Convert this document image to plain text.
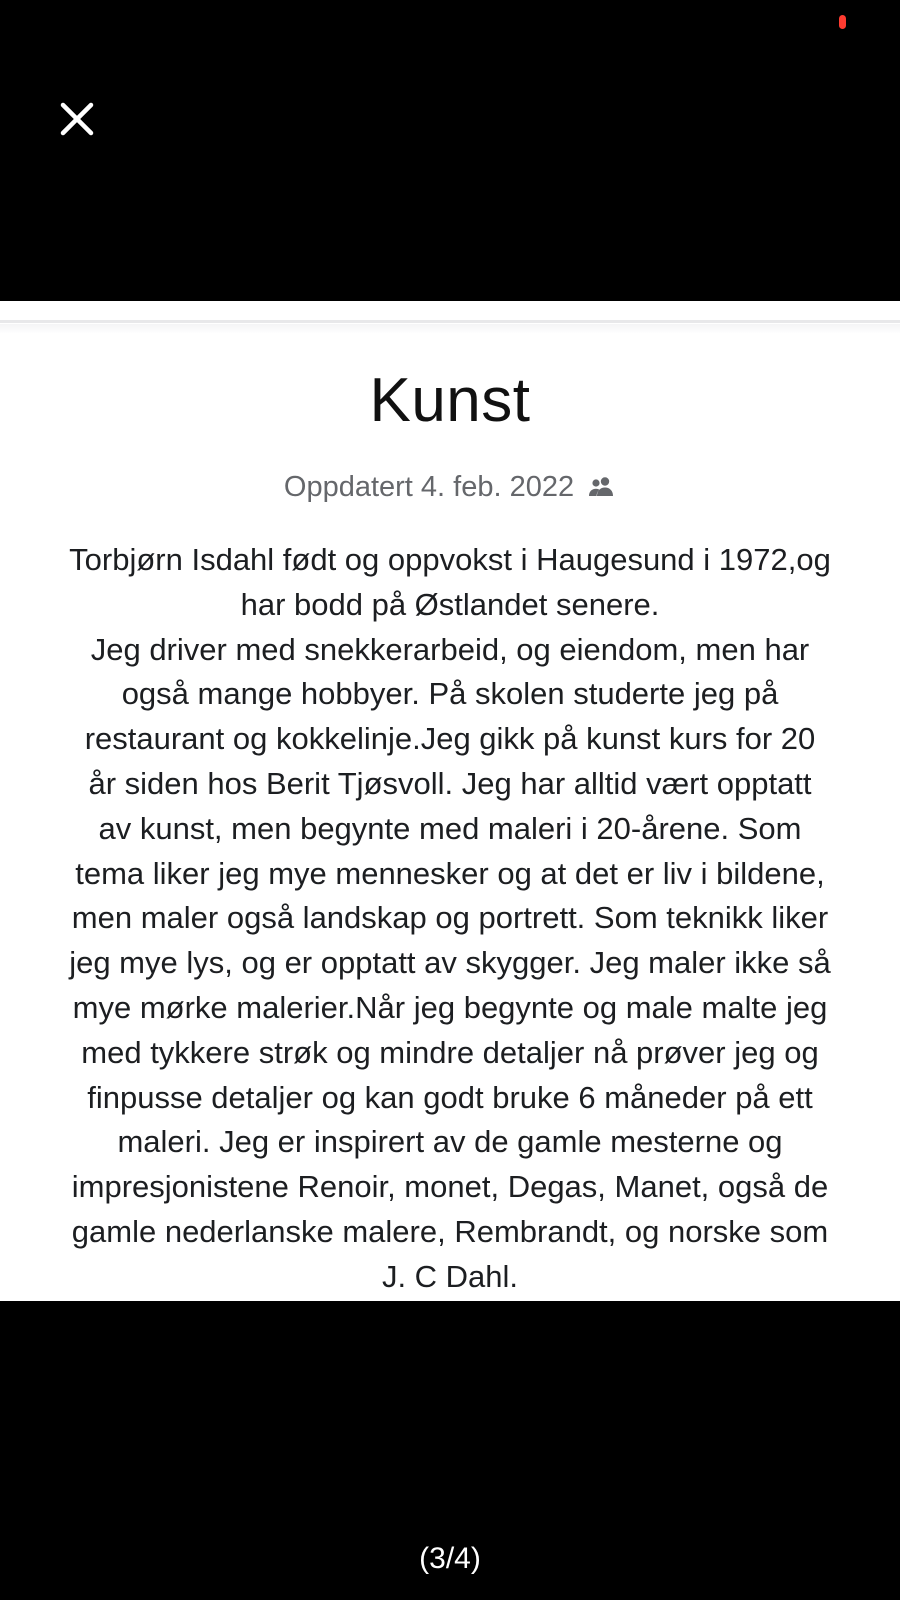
Kunst
Oppdatert 4. feb. 2022
Torbjørn Isdahl født og oppvokst i Haugesund i 1972,og
har bodd på Østlandet senere.
Jeg driver med snekkerarbeid, og eiendom, men har
også mange hobbyer. På skolen studerte jeg på
restaurant og kokkelinje.Jeg gikk på kunst kurs for 20
år siden hos Berit Tjøsvoll. Jeg har alltid vært opptatt
av kunst, men begynte med maleri i 20-årene. Som
tema liker jeg mye mennesker og at det er liv i bildene,
men maler også landskap og portrett. Som teknikk liker
jeg mye lys, og er opptatt av skygger. Jeg maler ikke så
mye mørke malerier.Når jeg begynte og male malte jeg
med tykkere strøk og mindre detaljer nå prøver jeg og
finpusse detaljer og kan godt bruke 6 måneder på ett
maleri. Jeg er inspirert av de gamle mesterne og
impresjonistene Renoir, monet, Degas, Manet, også de
gamle nederlanske malere, Rembrandt, og norske som
J. C Dahl.
(3/4)
